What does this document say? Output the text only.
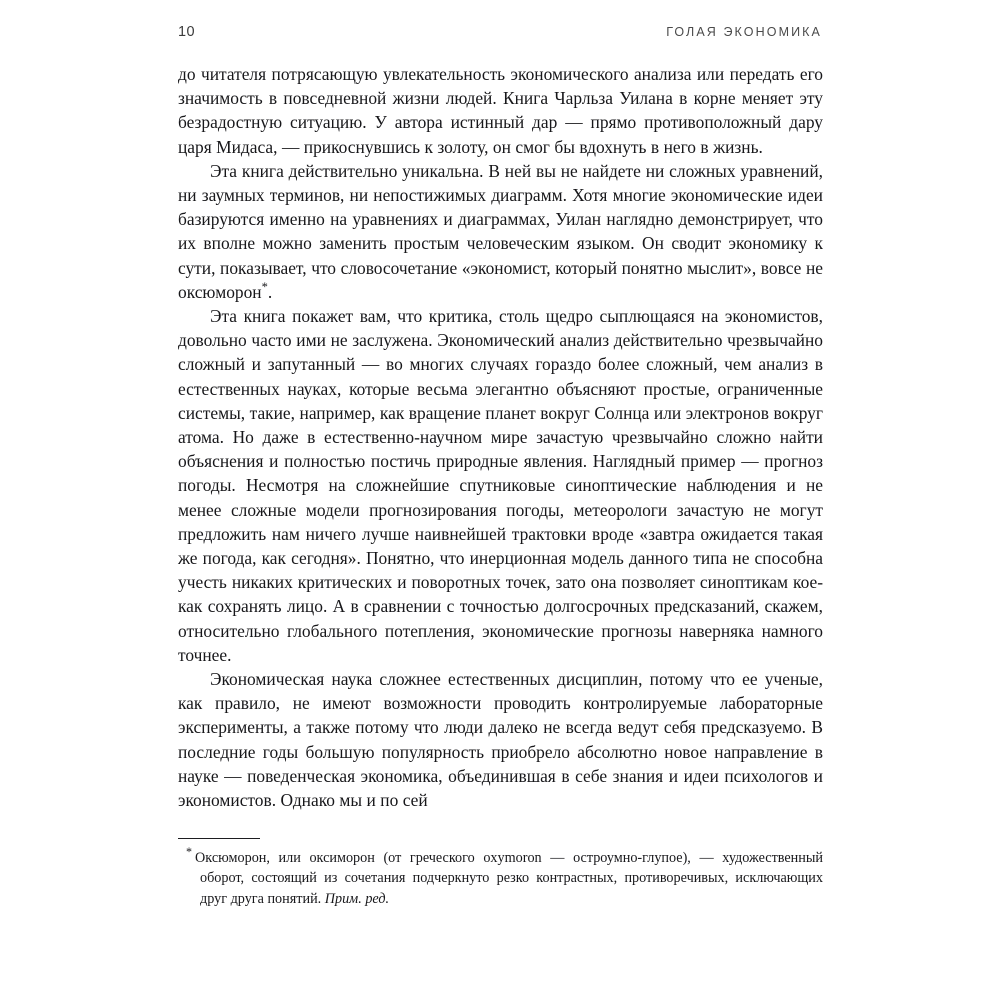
10	ГОЛАЯ ЭКОНОМИКА

до читателя потрясающую увлекательность экономического анализа или передать его значимость в повседневной жизни людей. Книга Чарльза Уилана в корне меняет эту безрадостную ситуацию. У автора истинный дар — прямо противоположный дару царя Мидаса, — прикоснувшись к золоту, он смог бы вдохнуть в него в жизнь.

Эта книга действительно уникальна. В ней вы не найдете ни сложных уравнений, ни заумных терминов, ни непостижимых диаграмм. Хотя многие экономические идеи базируются именно на уравнениях и диаграммах, Уилан наглядно демонстрирует, что их вполне можно заменить простым человеческим языком. Он сводит экономику к сути, показывает, что словосочетание «экономист, который понятно мыслит», вовсе не оксюморон*.

Эта книга покажет вам, что критика, столь щедро сыплющаяся на экономистов, довольно часто ими не заслужена. Экономический анализ действительно чрезвычайно сложный и запутанный — во многих случаях гораздо более сложный, чем анализ в естественных науках, которые весьма элегантно объясняют простые, ограниченные системы, такие, например, как вращение планет вокруг Солнца или электронов вокруг атома. Но даже в естественно-научном мире зачастую чрезвычайно сложно найти объяснения и полностью постичь природные явления. Наглядный пример — прогноз погоды. Несмотря на сложнейшие спутниковые синоптические наблюдения и не менее сложные модели прогнозирования погоды, метеорологи зачастую не могут предложить нам ничего лучше наивнейшей трактовки вроде «завтра ожидается такая же погода, как сегодня». Понятно, что инерционная модель данного типа не способна учесть никаких критических и поворотных точек, зато она позволяет синоптикам кое-как сохранять лицо. А в сравнении с точностью долгосрочных предсказаний, скажем, относительно глобального потепления, экономические прогнозы наверняка намного точнее.

Экономическая наука сложнее естественных дисциплин, потому что ее ученые, как правило, не имеют возможности проводить контролируемые лабораторные эксперименты, а также потому что люди далеко не всегда ведут себя предсказуемо. В последние годы большую популярность приобрело абсолютно новое направление в науке — поведенческая экономика, объединившая в себе знания и идеи психологов и экономистов. Однако мы и по сей

* Оксюморон, или оксиморон (от греческого oxymoron — остроумно-глупое), — художественный оборот, состоящий из сочетания подчеркнуто резко контрастных, противоречивых, исключающих друг друга понятий. Прим. ред.
